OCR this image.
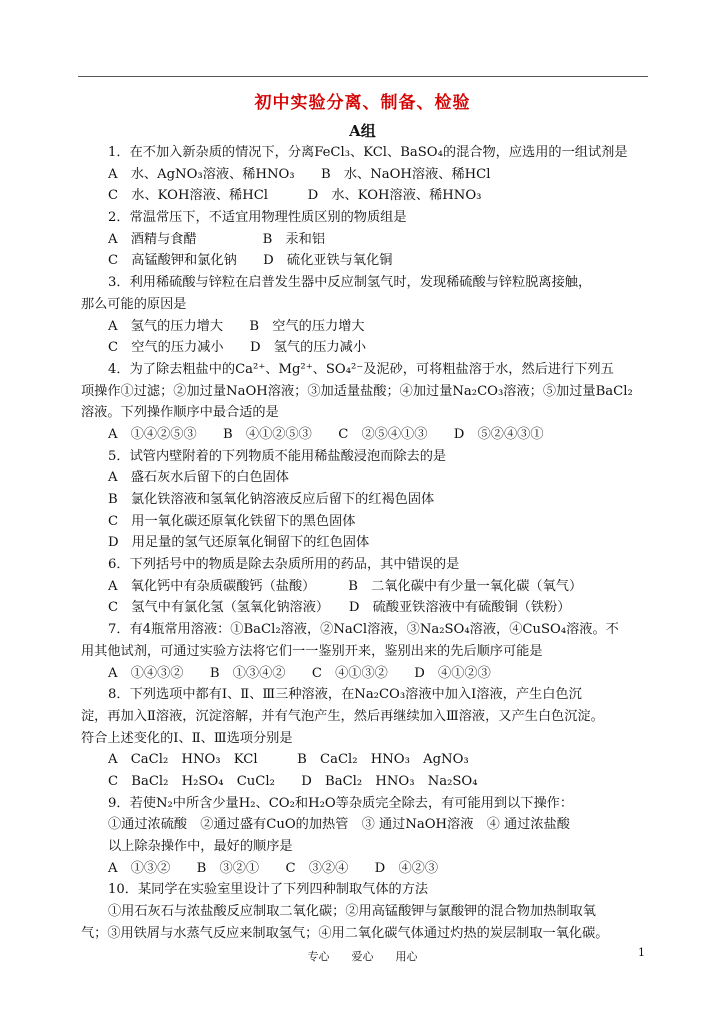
初中实验分离、制备、检验
A组
1．在不加入新杂质的情况下，分离FeCl₃、KCl、BaSO₄的混合物，应选用的一组试剂是
A　水、AgNO₃溶液、稀HNO₃　　B　水、NaOH溶液、稀HCl
C　水、KOH溶液、稀HCl　　　D　水、KOH溶液、稀HNO₃
2．常温常压下，不适宜用物理性质区别的物质组是
A　酒精与食醋　　　　　B　汞和铝
C　高锰酸钾和氯化钠　　D　硫化亚铁与氧化铜
3．利用稀硫酸与锌粒在启普发生器中反应制氢气时，发现稀硫酸与锌粒脱离接触，
那么可能的原因是
A　氢气的压力增大　　B　空气的压力增大
C　空气的压力减小　　D　氢气的压力减小
4．为了除去粗盐中的Ca²⁺、Mg²⁺、SO₄²⁻及泥砂，可将粗盐溶于水，然后进行下列五
项操作①过滤；②加过量NaOH溶液；③加适量盐酸；④加过量Na₂CO₃溶液；⑤加过量BaCl₂
溶液。下列操作顺序中最合适的是
A　①④②⑤③　　B　④①②⑤③　　C　②⑤④①③　　D　⑤②④③①
5．试管内壁附着的下列物质不能用稀盐酸浸泡而除去的是
A　盛石灰水后留下的白色固体
B　氯化铁溶液和氢氧化钠溶液反应后留下的红褐色固体
C　用一氧化碳还原氧化铁留下的黑色固体
D　用足量的氢气还原氧化铜留下的红色固体
6．下列括号中的物质是除去杂质所用的药品，其中错误的是
A　氧化钙中有杂质碳酸钙（盐酸）　　　B　二氧化碳中有少量一氧化碳（氧气）
C　氢气中有氯化氢（氢氧化钠溶液）　　D　硫酸亚铁溶液中有硫酸铜（铁粉）
7．有4瓶常用溶液：①BaCl₂溶液，②NaCl溶液，③Na₂SO₄溶液，④CuSO₄溶液。不
用其他试剂，可通过实验方法将它们一一鉴别开来，鉴别出来的先后顺序可能是
A　①④③②　　B　①③④②　　C　④①③②　　D　④①②③
8．下列选项中都有Ⅰ、Ⅱ、Ⅲ三种溶液，在Na₂CO₃溶液中加入Ⅰ溶液，产生白色沉
淀，再加入Ⅱ溶液，沉淀溶解，并有气泡产生，然后再继续加入Ⅲ溶液，又产生白色沉淀。
符合上述变化的Ⅰ、Ⅱ、Ⅲ选项分别是
A　CaCl₂　HNO₃　KCl　　　B　CaCl₂　HNO₃　AgNO₃
C　BaCl₂　H₂SO₄　CuCl₂　　D　BaCl₂　HNO₃　Na₂SO₄
9．若使N₂中所含少量H₂、CO₂和H₂O等杂质完全除去，有可能用到以下操作：
①通过浓硫酸　②通过盛有CuO的加热管　③ 通过NaOH溶液　④ 通过浓盐酸
以上除杂操作中，最好的顺序是
A　①③②　　B　③②①　　C　③②④　　D　④②③
10．某同学在实验室里设计了下列四种制取气体的方法
①用石灰石与浓盐酸反应制取二氧化碳；②用高锰酸钾与氯酸钾的混合物加热制取氧
气；③用铁屑与水蒸气反应来制取氢气；④用二氧化碳气体通过灼热的炭层制取一氧化碳。
专心　　爱心　　用心	1
